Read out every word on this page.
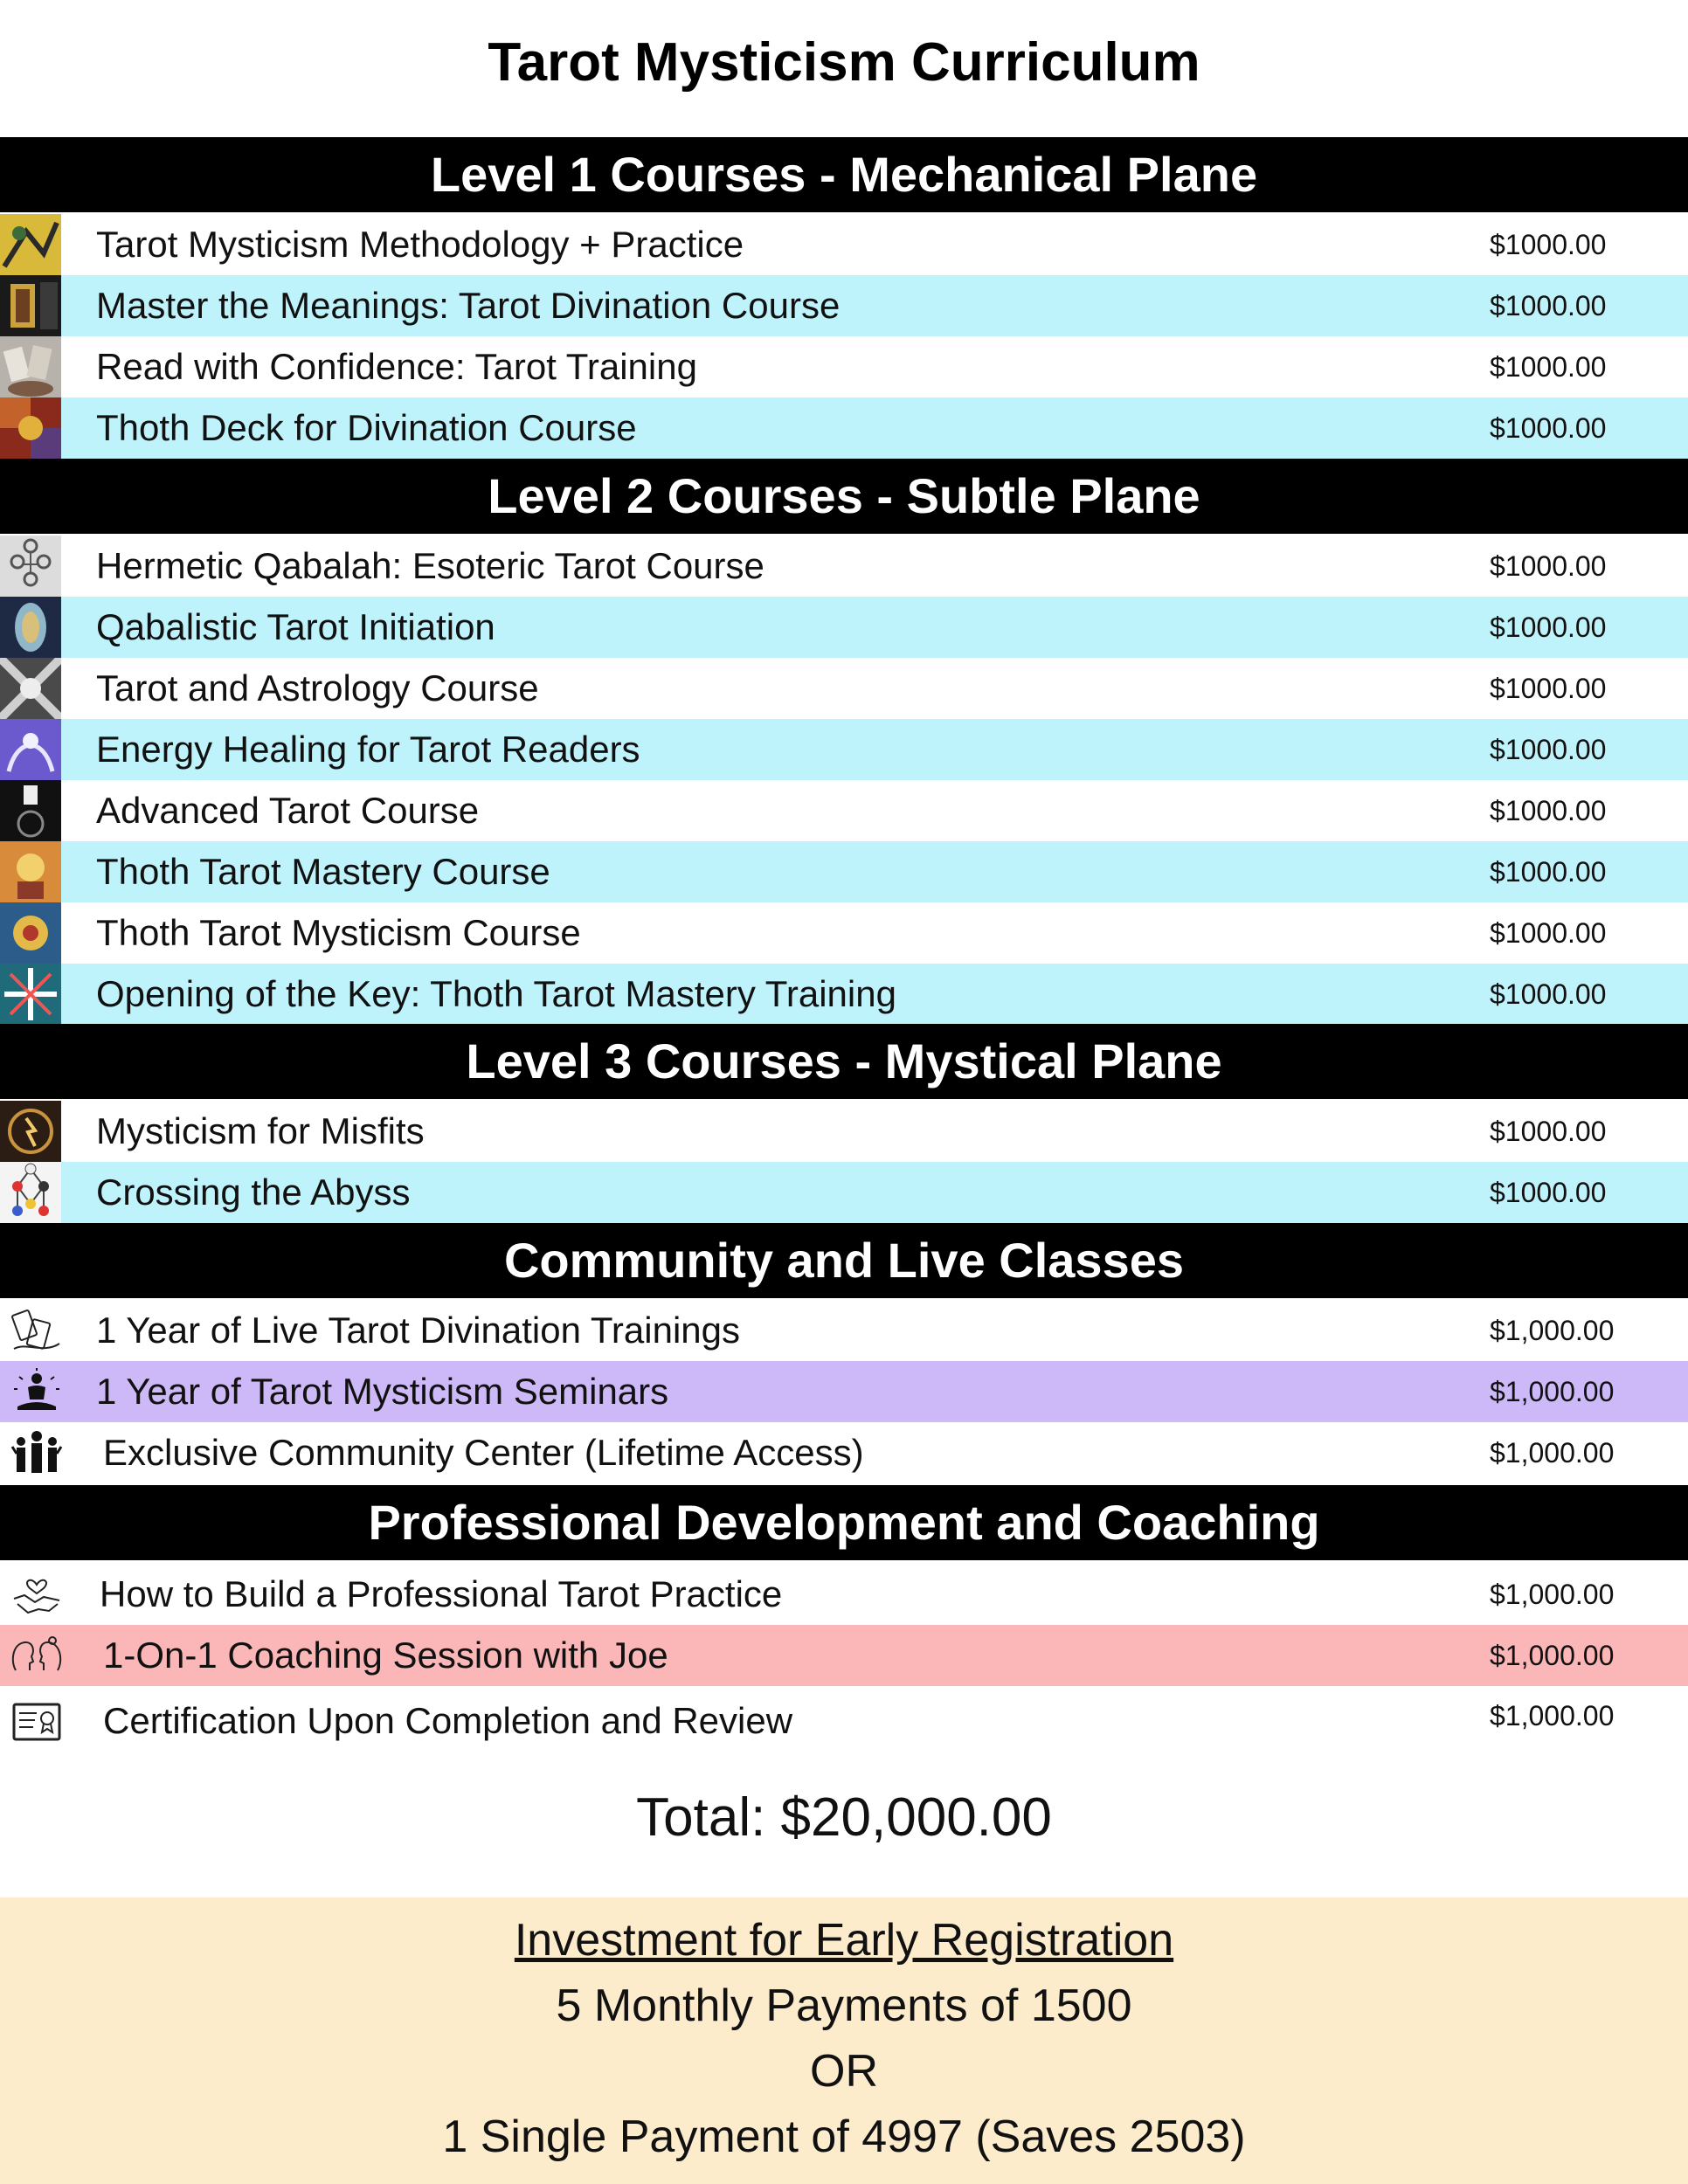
Tarot Mysticism Curriculum
Level 1 Courses - Mechanical Plane
Tarot Mysticism Methodology + Practice	$1000.00
Master the Meanings: Tarot Divination Course	$1000.00
Read with Confidence: Tarot Training	$1000.00
Thoth Deck for Divination Course	$1000.00
Level 2 Courses - Subtle Plane
Hermetic Qabalah: Esoteric Tarot Course	$1000.00
Qabalistic Tarot Initiation	$1000.00
Tarot and Astrology Course	$1000.00
Energy Healing for Tarot Readers	$1000.00
Advanced Tarot Course	$1000.00
Thoth Tarot Mastery Course	$1000.00
Thoth Tarot Mysticism Course	$1000.00
Opening of the Key: Thoth Tarot Mastery Training	$1000.00
Level 3 Courses - Mystical Plane
Mysticism for Misfits	$1000.00
Crossing the Abyss	$1000.00
Community and Live Classes
1 Year of Live Tarot Divination Trainings	$1,000.00
1 Year of Tarot Mysticism Seminars	$1,000.00
Exclusive Community Center (Lifetime Access)	$1,000.00
Professional Development and Coaching
How to Build a Professional Tarot Practice	$1,000.00
1-On-1 Coaching Session with Joe	$1,000.00
Certification Upon Completion and Review	$1,000.00
Total: $20,000.00
Investment for Early Registration
5 Monthly Payments of 1500
OR
1 Single Payment of 4997 (Saves 2503)
